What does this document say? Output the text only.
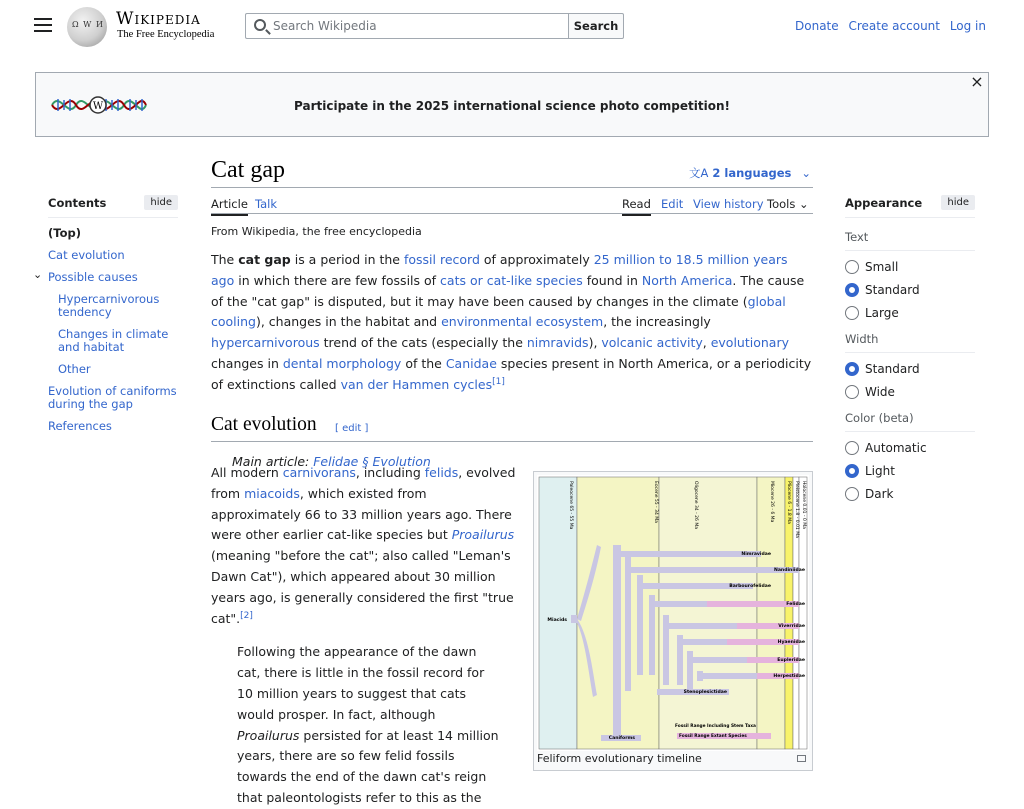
Ω W И
Wikipedia
The Free Encyclopedia
Search Wikipedia
Search	Donate Create account Log in
W	Participate in the 2025 international science photo competition!
×
Contents	hide
(Top)
Cat evolution
⌄ Possible causes
Hypercarnivorous tendency
Changes in climate and habitat
Other
Evolution of caniforms during the gap
References
Cat gap	文A 2 languages ⌄
Article Talk	Read Edit View history Tools ⌄
From Wikipedia, the free encyclopedia

The cat gap is a period in the fossil record of approximately 25 million to 18.5 million years ago in which there are few fossils of cats or cat-like species found in North America. The cause of the "cat gap" is disputed, but it may have been caused by changes in the climate (global cooling), changes in the habitat and environmental ecosystem, the increasingly hypercarnivorous trend of the cats (especially the nimravids), volcanic activity, evolutionary changes in dental morphology of the Canidae species present in North America, or a periodicity of extinctions called van der Hammen cycles[1]

Cat evolution	[ edit ]
Main article: Felidae § Evolution

All modern carnivorans, including felids, evolved from miacoids, which existed from approximately 66 to 33 million years ago. There were other earlier cat-like species but Proailurus (meaning "before the cat"; also called "Leman's Dawn Cat"), which appeared about 30 million years ago, is generally considered the first "true cat".[2]

Following the appearance of the dawn cat, there is little in the fossil record for 10 million years to suggest that cats would prosper. In fact, although Proailurus persisted for at least 14 million years, there are so few felid fossils towards the end of the dawn cat's reign that paleontologists refer to this as the

Paleocene 65 - 55 Ma	Eocene 55 - 34 Ma	Oligocene 34 - 26 Ma	Miocene 26 - 6 Ma	Pliocene 6 - 1.8 Ma Pleistocene 1.8 - 0.01 Ma Holocene 0.01 - 0 Ma
Nimravidae
Nandiniidae
Barbourofelidae
Felidae
Viverridae
Hyaenidae
Eupleridae
Herpestidae
Stenoplesictidae
Miacids
Caniforms
Fossil Range Including Stem Taxa
Fossil Range Extant Species
Feliform evolutionary timeline
Appearance	hide
Text
Small
Standard
Large
Width
Standard
Wide
Color (beta)
Automatic
Light
Dark
